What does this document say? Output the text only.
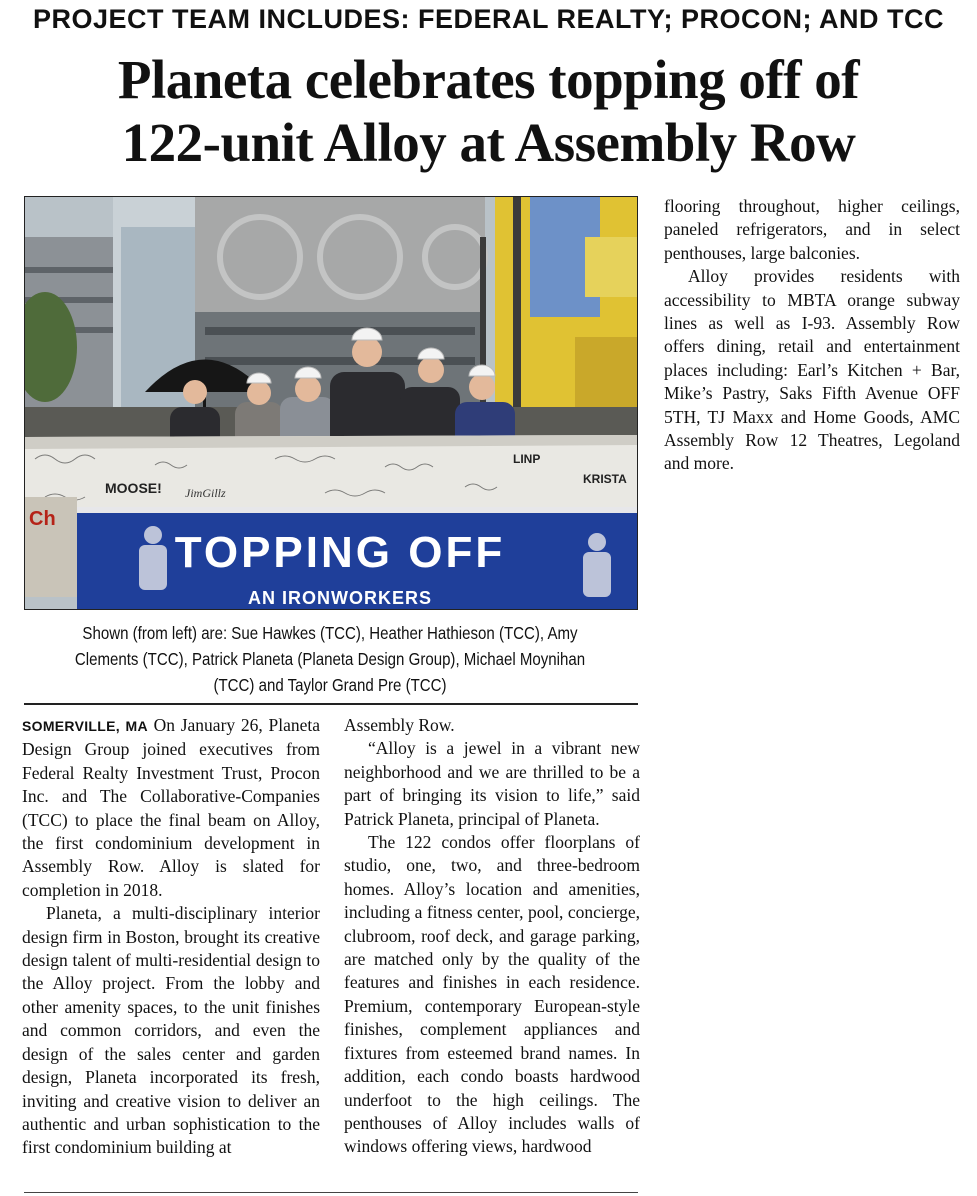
PROJECT TEAM INCLUDES: FEDERAL REALTY; PROCON; AND TCC
Planeta celebrates topping off of
122-unit Alloy at Assembly Row
MOOSE! JimGillz
KRISTA
LINP
Ch
TOPPING OFF
AN IRONWORKERS
Shown (from left) are: Sue Hawkes (TCC), Heather Hathieson (TCC), Amy Clements (TCC), Patrick Planeta (Planeta Design Group), Michael Moynihan (TCC) and Taylor Grand Pre (TCC)

SOMERVILLE, MA On January 26, Planeta Design Group joined executives from Federal Realty Investment Trust, Procon Inc. and The Collaborative-Companies (TCC) to place the final beam on Alloy, the first condominium development in Assembly Row. Alloy is slated for completion in 2018.

Planeta, a multi-disciplinary interior design firm in Boston, brought its creative design talent of multi-residential design to the Alloy project. From the lobby and other amenity spaces, to the unit finishes and common corridors, and even the design of the sales center and garden design, Planeta incorporated its fresh, inviting and creative vision to deliver an authentic and urban sophistication to the first condominium building at

Assembly Row.

“Alloy is a jewel in a vibrant new neighborhood and we are thrilled to be a part of bringing its vision to life,” said Patrick Planeta, principal of Planeta.

The 122 condos offer floorplans of studio, one, two, and three-bedroom homes. Alloy’s location and amenities, including a fitness center, pool, concierge, clubroom, roof deck, and garage parking, are matched only by the quality of the features and finishes in each residence. Premium, contemporary European-style finishes, complement appliances and fixtures from esteemed brand names. In addition, each condo boasts hardwood underfoot to the high ceilings. The penthouses of Alloy includes walls of windows offering views, hardwood

flooring throughout, higher ceilings, paneled refrigerators, and in select penthouses, large balconies.

Alloy provides residents with accessibility to MBTA orange subway lines as well as I-93. Assembly Row offers dining, retail and entertainment places including: Earl’s Kitchen + Bar, Mike’s Pastry, Saks Fifth Avenue OFF 5TH, TJ Maxx and Home Goods, AMC Assembly Row 12 Theatres, Legoland and more.
